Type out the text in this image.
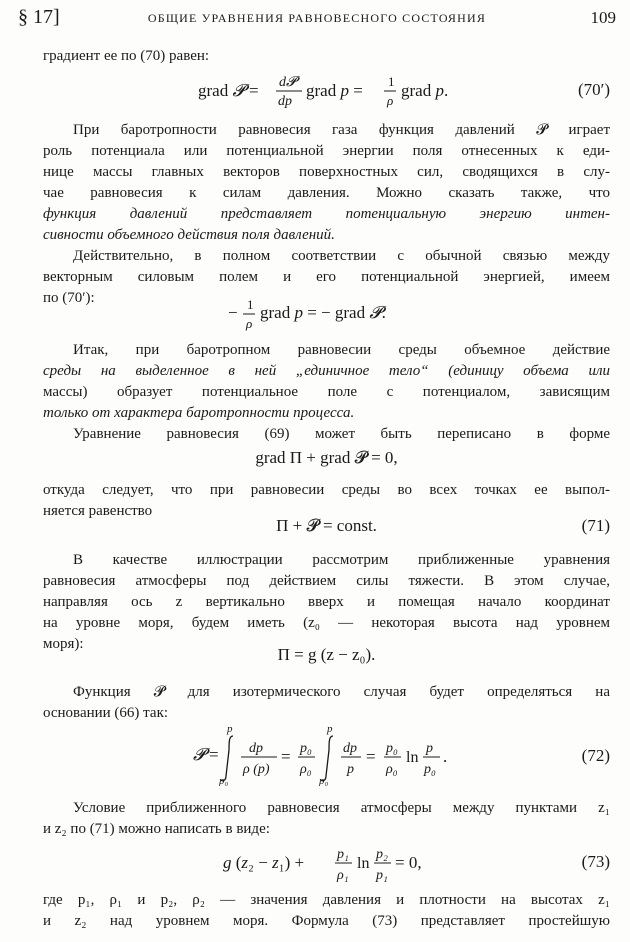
§ 17]	ОБЩИЕ УРАВНЕНИЯ РАВНОВЕСНОГО СОСТОЯНИЯ	109
градиент ее по (70) равен:
grad 𝓟 = d𝓟
dp
grad p = 1
ρ
grad p.	(70′)
При баротропности равновесия газа функция давлений 𝓟 играет
роль потенциала или потенциальной энергии поля отнесенных к еди-
нице массы главных векторов поверхностных сил, сводящихся в слу-
чае равновесия к силам давления. Можно сказать также, что
функция давлений представляет потенциальную энергию интен-
сивности объемного действия поля давлений.
Действительно, в полном соответствии с обычной связью между
векторным силовым полем и его потенциальной энергией, имеем
по (70′):
− 1
ρ
grad p = − grad 𝓟.
Итак, при баротропном равновесии среды объемное действие
среды на выделенное в ней „единичное тело“ (единицу объема или
массы) образует потенциальное поле с потенциалом, зависящим
только от характера баротропности процесса.
Уравнение равновесия (69) может быть переписано в форме
grad Π + grad 𝓟 = 0,
откуда следует, что при равновесии среды во всех точках ее выпол-
няется равенство
Π + 𝓟 = const.	(71)
В качестве иллюстрации рассмотрим приближенные уравнения
равновесия атмосферы под действием силы тяжести. В этом случае,
направляя ось z вертикально вверх и помещая начало координат
на уровне моря, будем иметь (z₀ — некоторая высота над уровнем
моря):
Π = g (z − z₀).
Функция 𝓟 для изотермического случая будет определяться на
основании (66) так:
𝓟 =
p
p₀
dp
ρ (p)
= p₀
ρ₀
p
p₀
dp
p
= p₀
ρ₀
ln
p
p₀
.	(72)
Условие приближенного равновесия атмосферы между пунктами z₁
и z₂ по (71) можно написать в виде:
g (z₂ − z₁) + p₁
ρ₁
ln
p₂
p₁
= 0,	(73)
где p₁, ρ₁ и p₂, ρ₂ — значения давления и плотности на высотах z₁
и z₂ над уровнем моря. Формула (73) представляет простейшую
